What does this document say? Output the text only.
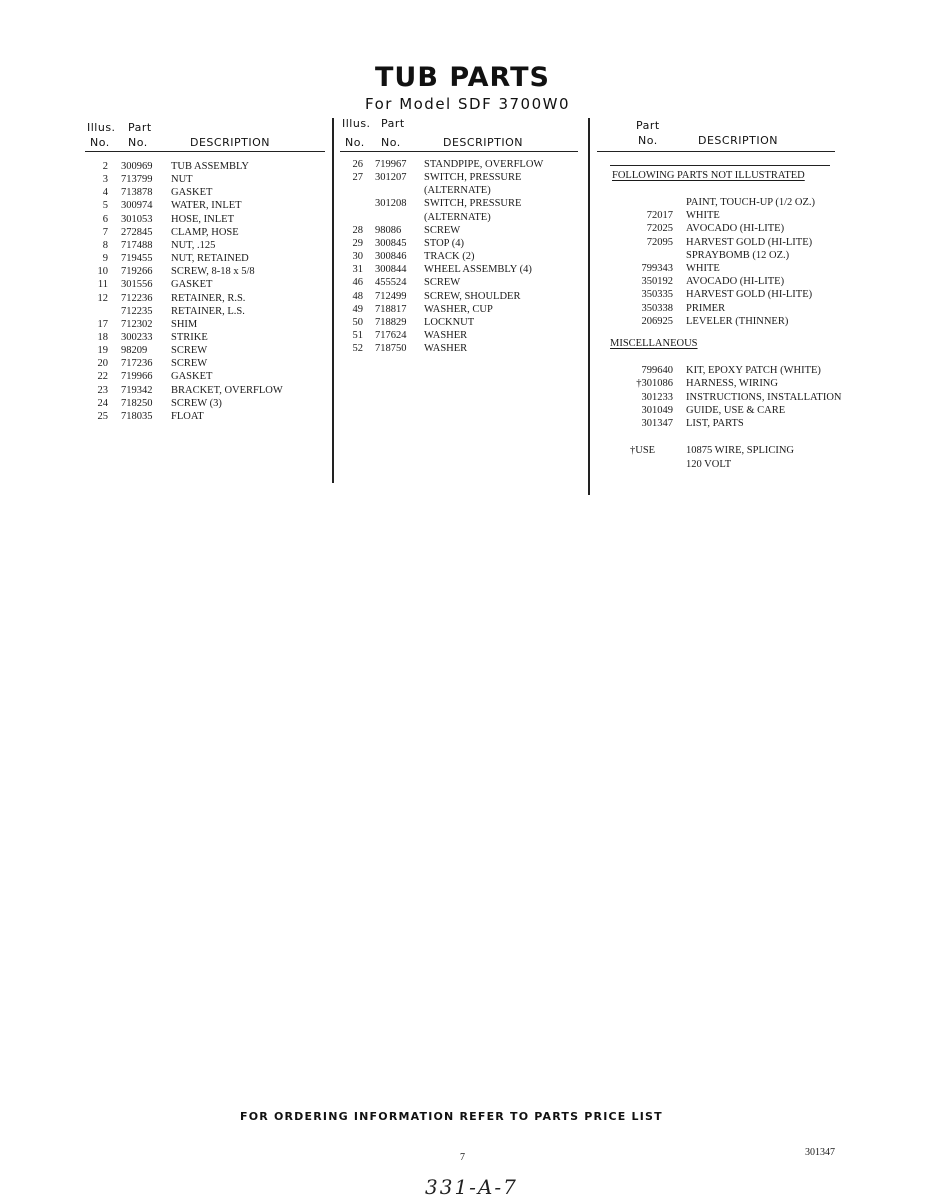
TUB PARTS
For Model SDF 3700W0
Illus. Part
No. No.	DESCRIPTION
Illus. Part
No. No.	DESCRIPTION
Part
No.	DESCRIPTION
2 300969 TUB ASSEMBLY
3 713799 NUT
4 713878 GASKET
5 300974 WATER, INLET
6 301053 HOSE, INLET
7 272845 CLAMP, HOSE
8 717488 NUT, .125
9 719455 NUT, RETAINED
10 719266 SCREW, 8-18 x 5/8
11 301556 GASKET
12 712236 RETAINER, R.S.
712235 RETAINER, L.S.
17 712302 SHIM
18 300233 STRIKE
19 98209 SCREW
20 717236 SCREW
22 719966 GASKET
23 719342 BRACKET, OVERFLOW
24 718250 SCREW (3)
25 718035 FLOAT
26 719967 STANDPIPE, OVERFLOW
27 301207 SWITCH, PRESSURE
(ALTERNATE)
301208 SWITCH, PRESSURE
(ALTERNATE)
28 98086 SCREW
29 300845 STOP (4)
30 300846 TRACK (2)
31 300844 WHEEL ASSEMBLY (4)
46 455524 SCREW
48 712499 SCREW, SHOULDER
49 718817 WASHER, CUP
50 718829 LOCKNUT
51 717624 WASHER
52 718750 WASHER
FOLLOWING PARTS NOT ILLUSTRATED
PAINT, TOUCH-UP (1/2 OZ.)
72017 WHITE
72025 AVOCADO (HI-LITE)
72095 HARVEST GOLD (HI-LITE)
SPRAYBOMB (12 OZ.)
799343 WHITE
350192 AVOCADO (HI-LITE)
350335 HARVEST GOLD (HI-LITE)
350338 PRIMER
206925 LEVELER (THINNER)
MISCELLANEOUS
799640 KIT, EPOXY PATCH (WHITE)
†301086 HARNESS, WIRING
301233 INSTRUCTIONS, INSTALLATION
301049 GUIDE, USE & CARE
301347 LIST, PARTS
†USE	10875 WIRE, SPLICING
120 VOLT
FOR ORDERING INFORMATION REFER TO PARTS PRICE LIST
7	301347
331-A-7
